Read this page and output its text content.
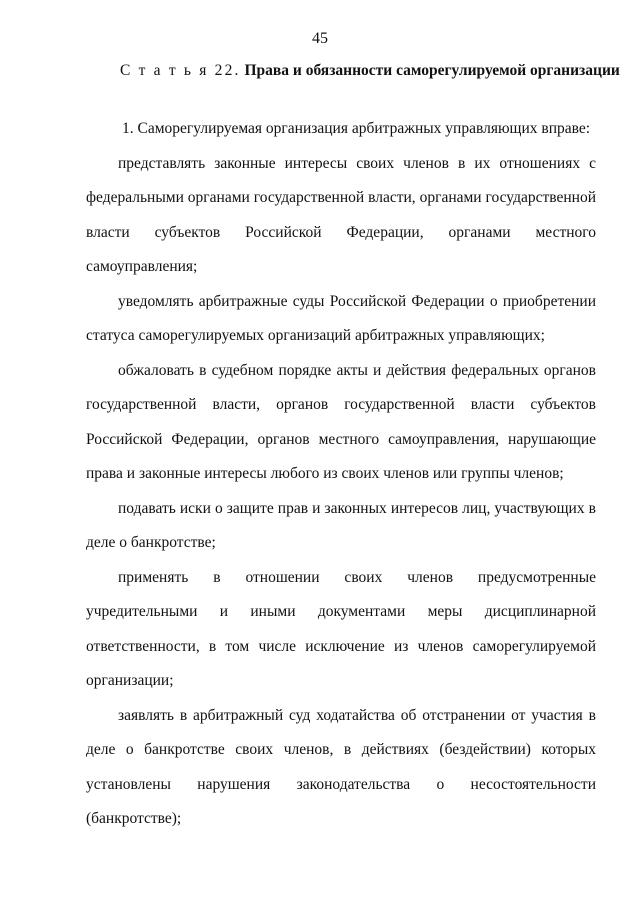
45
С т а т ь я 22. Права и обязанности саморегулируемой организации

1. Саморегулируемая организация арбитражных управляющих вправе:

представлять законные интересы своих членов в их отношениях с федеральными органами государственной власти, органами государственной власти субъектов Российской Федерации, органами местного самоуправления;

уведомлять арбитражные суды Российской Федерации о приобретении статуса саморегулируемых организаций арбитражных управляющих;

обжаловать в судебном порядке акты и действия федеральных органов государственной власти, органов государственной власти субъектов Российской Федерации, органов местного самоуправления, нарушающие права и законные интересы любого из своих членов или группы членов;

подавать иски о защите прав и законных интересов лиц, участвующих в деле о банкротстве;

применять в отношении своих членов предусмотренные учредительными и иными документами меры дисциплинарной ответственности, в том числе исключение из членов саморегулируемой организации;

заявлять в арбитражный суд ходатайства об отстранении от участия в деле о банкротстве своих членов, в действиях (бездействии) которых установлены нарушения законодательства о несостоятельности (банкротстве);
